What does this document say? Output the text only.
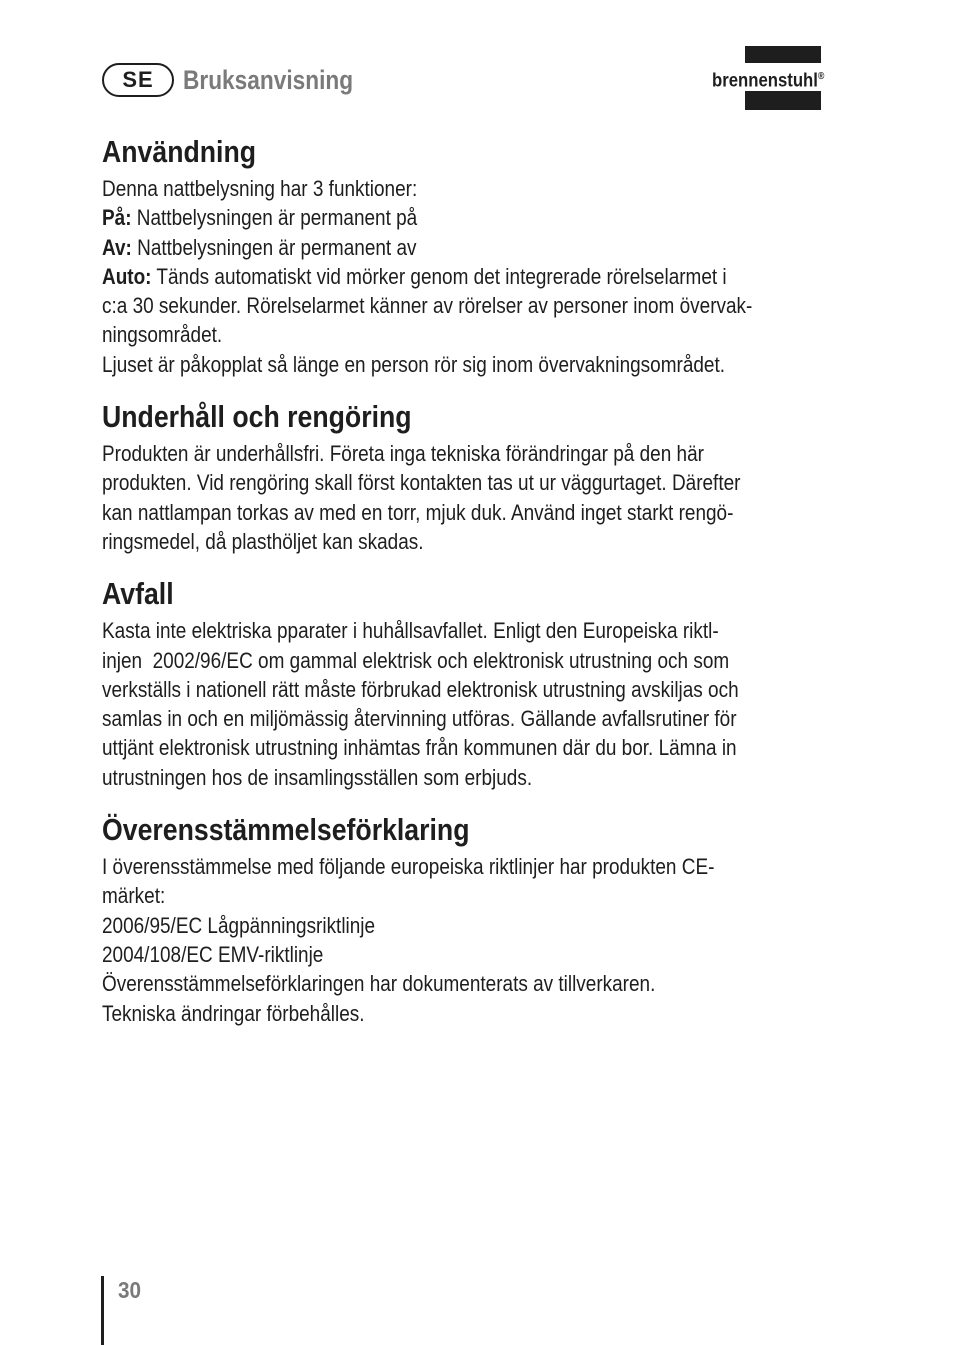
SE	Bruksanvisning	brennenstuhl®
Användning
Denna nattbelysning har 3 funktioner:
På: Nattbelysningen är permanent på
Av: Nattbelysningen är permanent av
Auto: Tänds automatiskt vid mörker genom det integrerade rörelselarmet i
c:a 30 sekunder. Rörelselarmet känner av rörelser av personer inom övervak-
ningsområdet.
Ljuset är påkopplat så länge en person rör sig inom övervakningsområdet.
Underhåll och rengöring
Produkten är underhållsfri. Företa inga tekniska förändringar på den här
produkten. Vid rengöring skall först kontakten tas ut ur väggurtaget. Därefter
kan nattlampan torkas av med en torr, mjuk duk. Använd inget starkt rengö-
ringsmedel, då plasthöljet kan skadas.
Avfall
Kasta inte elektriska pparater i huhållsavfallet. Enligt den Europeiska riktl-
injen  2002/96/EC om gammal elektrisk och elektronisk utrustning och som
verkställs i nationell rätt måste förbrukad elektronisk utrustning avskiljas och
samlas in och en miljömässig återvinning utföras. Gällande avfallsrutiner för
uttjänt elektronisk utrustning inhämtas från kommunen där du bor. Lämna in
utrustningen hos de insamlingsställen som erbjuds.
Överensstämmelseförklaring
I överensstämmelse med följande europeiska riktlinjer har produkten CE-
märket:
2006/95/EC Lågpänningsriktlinje
2004/108/EC EMV-riktlinje
Överensstämmelseförklaringen har dokumenterats av tillverkaren.
Tekniska ändringar förbehålles.
30
